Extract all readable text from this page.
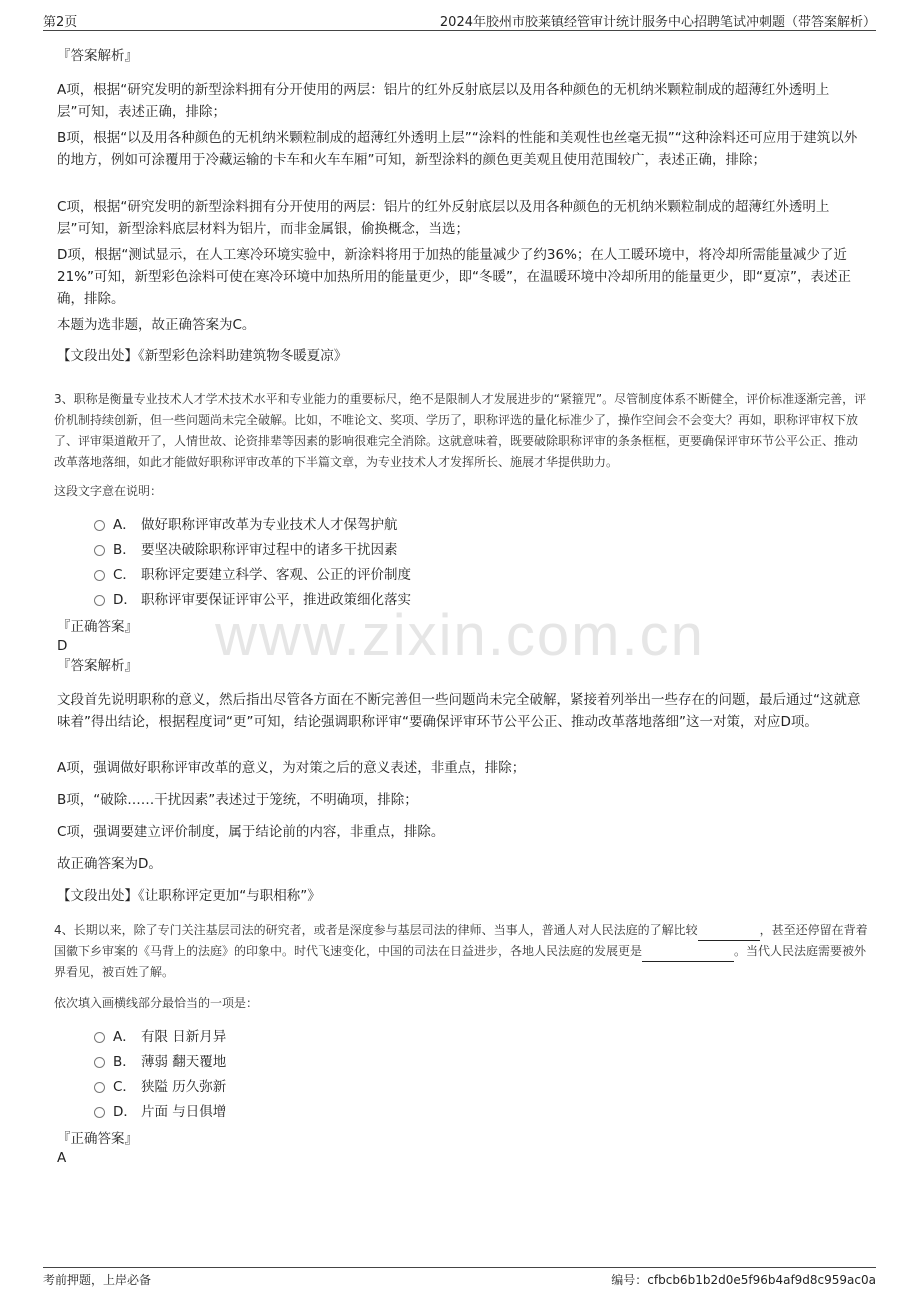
第2页	2024年胶州市胶莱镇经管审计统计服务中心招聘笔试冲刺题（带答案解析）
www.zixin.com.cn
『答案解析』

A项，根据“研究发明的新型涂料拥有分开使用的两层：铝片的红外反射底层以及用各种颜色的无机纳米颗粒制成的超薄红外透明上层”可知，表述正确，排除；

B项，根据“以及用各种颜色的无机纳米颗粒制成的超薄红外透明上层”“涂料的性能和美观性也丝毫无损”“这种涂料还可应用于建筑以外的地方，例如可涂覆用于冷藏运输的卡车和火车车厢”可知，新型涂料的颜色更美观且使用范围较广，表述正确，排除；

C项，根据“研究发明的新型涂料拥有分开使用的两层：铝片的红外反射底层以及用各种颜色的无机纳米颗粒制成的超薄红外透明上层”可知，新型涂料底层材料为铝片，而非金属银，偷换概念，当选；

D项，根据“测试显示，在人工寒冷环境实验中，新涂料将用于加热的能量减少了约36%；在人工暖环境中，将冷却所需能量减少了近21%”可知，新型彩色涂料可使在寒冷环境中加热所用的能量更少，即“冬暖”，在温暖环境中冷却所用的能量更少，即“夏凉”，表述正确，排除。

本题为选非题，故正确答案为C。

【文段出处】《新型彩色涂料助建筑物冬暖夏凉》

3、职称是衡量专业技术人才学术技术水平和专业能力的重要标尺，绝不是限制人才发展进步的“紧箍咒”。尽管制度体系不断健全，评价标准逐渐完善，评价机制持续创新，但一些问题尚未完全破解。比如，不唯论文、奖项、学历了，职称评选的量化标准少了，操作空间会不会变大？再如，职称评审权下放了、评审渠道敞开了，人情世故、论资排辈等因素的影响很难完全消除。这就意味着，既要破除职称评审的条条框框，更要确保评审环节公平公正、推动改革落地落细，如此才能做好职称评审改革的下半篇文章，为专业技术人才发挥所长、施展才华提供助力。

这段文字意在说明：

A． 做好职称评审改革为专业技术人才保驾护航
B． 要坚决破除职称评审过程中的诸多干扰因素
C． 职称评定要建立科学、客观、公正的评价制度
D． 职称评审要保证评审公平，推进政策细化落实
『正确答案』
D
『答案解析』

文段首先说明职称的意义，然后指出尽管各方面在不断完善但一些问题尚未完全破解，紧接着列举出一些存在的问题，最后通过“这就意味着”得出结论，根据程度词“更”可知，结论强调职称评审“要确保评审环节公平公正、推动改革落地落细”这一对策，对应D项。

A项，强调做好职称评审改革的意义，为对策之后的意义表述，非重点，排除；

B项，“破除……干扰因素”表述过于笼统，不明确项，排除；

C项，强调要建立评价制度，属于结论前的内容，非重点，排除。

故正确答案为D。

【文段出处】《让职称评定更加“与职相称”》

4、长期以来，除了专门关注基层司法的研究者，或者是深度参与基层司法的律师、当事人，普通人对人民法庭的了解比较	，甚至还停留在背着国徽下乡审案的《马背上的法庭》的印象中。时代飞速变化，中国的司法在日益进步，各地人民法庭的发展更是	。当代人民法庭需要被外界看见，被百姓了解。

依次填入画横线部分最恰当的一项是：

A． 有限 日新月异
B． 薄弱 翻天覆地
C． 狭隘 历久弥新
D． 片面 与日俱增
『正确答案』
A
考前押题，上岸必备	编号：cfbcb6b1b2d0e5f96b4af9d8c959ac0a
